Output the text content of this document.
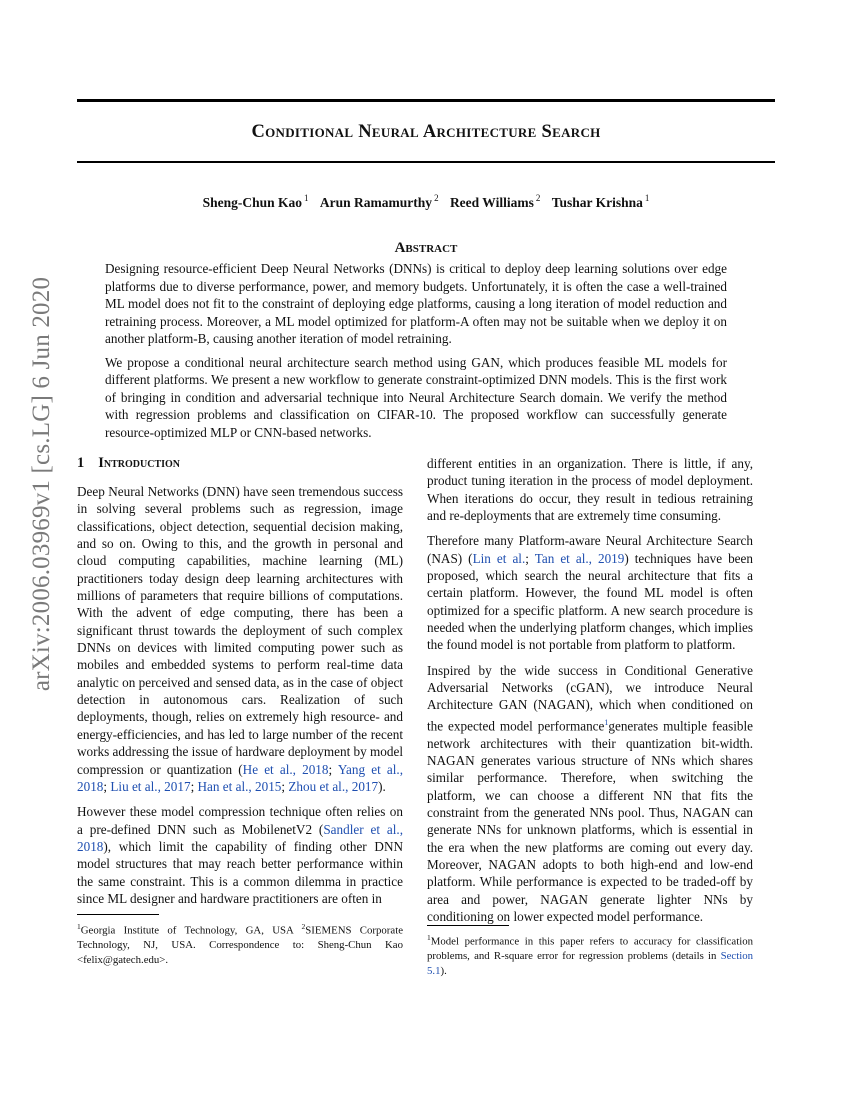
Conditional Neural Architecture Search
Sheng-Chun Kao $^1$ Arun Ramamurthy $^2$ Reed Williams $^2$ Tushar Krishna $^1$
Abstract

Designing resource-efficient Deep Neural Networks (DNNs) is critical to deploy deep learning solutions over edge platforms due to diverse performance, power, and memory budgets. Unfortunately, it is often the case a well-trained ML model does not fit to the constraint of deploying edge platforms, causing a long iteration of model reduction and retraining process. Moreover, a ML model optimized for platform-A often may not be suitable when we deploy it on another platform-B, causing another iteration of model retraining.

We propose a conditional neural architecture search method using GAN, which produces feasible ML models for different platforms. We present a new workflow to generate constraint-optimized DNN models. This is the first work of bringing in condition and adversarial technique into Neural Architecture Search domain. We verify the method with regression problems and classification on CIFAR-10. The proposed workflow can successfully generate resource-optimized MLP or CNN-based networks.

arXiv:2006.03969v1 [cs.LG] 6 Jun 2020 1 Introduction

Deep Neural Networks (DNN) have seen tremendous success in solving several problems such as regression, image classifications, object detection, sequential decision making, and so on. Owing to this, and the growth in personal and cloud computing capabilities, machine learning (ML) practitioners today design deep learning architectures with millions of parameters that require billions of computations. With the advent of edge computing, there has been a significant thrust towards the deployment of such complex DNNs on devices with limited computing power such as mobiles and embedded systems to perform real-time data analytic on perceived and sensed data, as in the case of object detection in autonomous cars. Realization of such deployments, though, relies on extremely high resource- and energy-efficiencies, and has led to large number of the recent works addressing the issue of hardware deployment by model compression or quantization (He et al., 2018; Yang et al., 2018; Liu et al., 2017; Han et al., 2015; Zhou et al., 2017).

However these model compression technique often relies on a pre-defined DNN such as MobilenetV2 (Sandler et al., 2018), which limit the capability of finding other DNN model structures that may reach better performance within the same constraint. This is a common dilemma in practice since ML designer and hardware practitioners are often in

$^1$Georgia Institute of Technology, GA, USA $^2$SIEMENS Corporate Technology, NJ, USA. Correspondence to: Sheng-Chun Kao <felix@gatech.edu>.

different entities in an organization. There is little, if any, product tuning iteration in the process of model deployment. When iterations do occur, they result in tedious retraining and re-deployments that are extremely time consuming.

Therefore many Platform-aware Neural Architecture Search (NAS) (Lin et al.; Tan et al., 2019) techniques have been proposed, which search the neural architecture that fits a certain platform. However, the found ML model is often optimized for a specific platform. A new search procedure is needed when the underlying platform changes, which implies the found model is not portable from platform to platform.

Inspired by the wide success in Conditional Generative Adversarial Networks (cGAN), we introduce Neural Architecture GAN (NAGAN), which when conditioned on the expected model performance$^1$generates multiple feasible network architectures with their quantization bit-width. NAGAN generates various structure of NNs which shares similar performance. Therefore, when switching the platform, we can choose a different NN that fits the constraint from the generated NNs pool. Thus, NAGAN can generate NNs for unknown platforms, which is essential in the era when the new platforms are coming out every day. Moreover, NAGAN adopts to both high-end and low-end platform. While performance is expected to be traded-off by area and power, NAGAN generate lighter NNs by conditioning on lower expected model performance.

$^1$Model performance in this paper refers to accuracy for classification problems, and R-square error for regression problems (details in Section 5.1).
